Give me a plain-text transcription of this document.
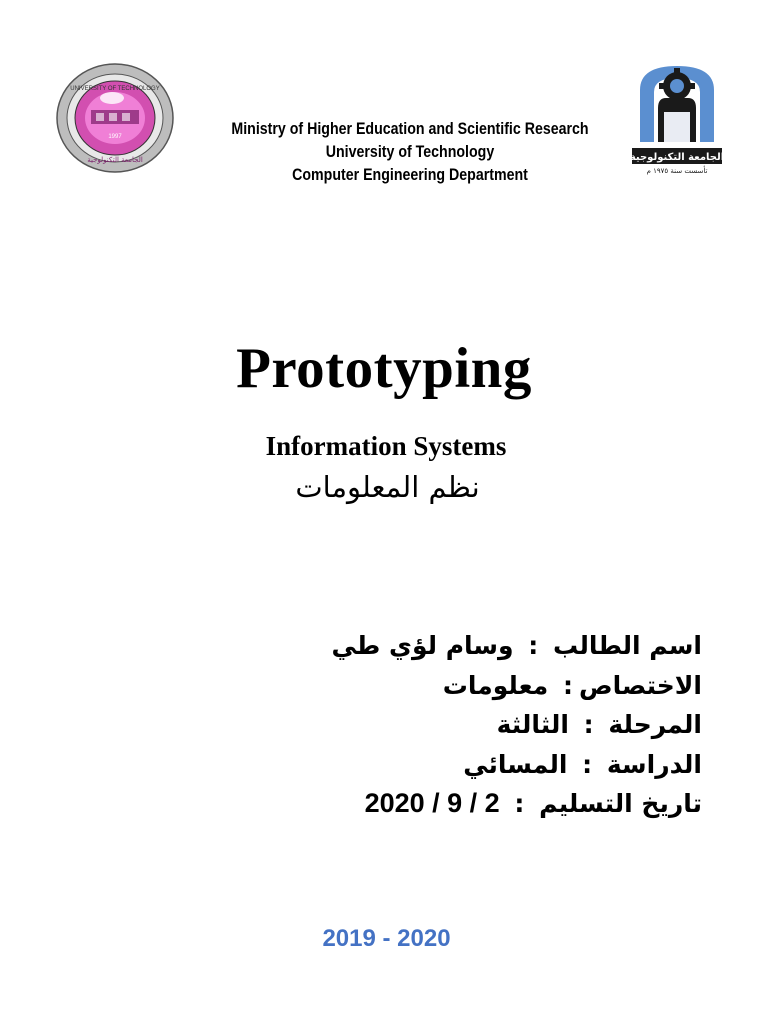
UNIVERSITY OF TECHNOLOGY
1997
الجامعة التكنولوجية
Ministry of Higher Education and Scientific Research
University of Technology
Computer Engineering Department
الجامعة التكنولوجية
تأسست سنة ١٩٧٥ م
Prototyping
Information Systems
نظم المعلومات
اسم الطالب : وسام لؤي طي
الاختصاص: معلومات
المرحلة : الثالثة
الدراسة : المسائي
تاريخ التسليم : 2020 / 9 / 2
2019 - 2020
